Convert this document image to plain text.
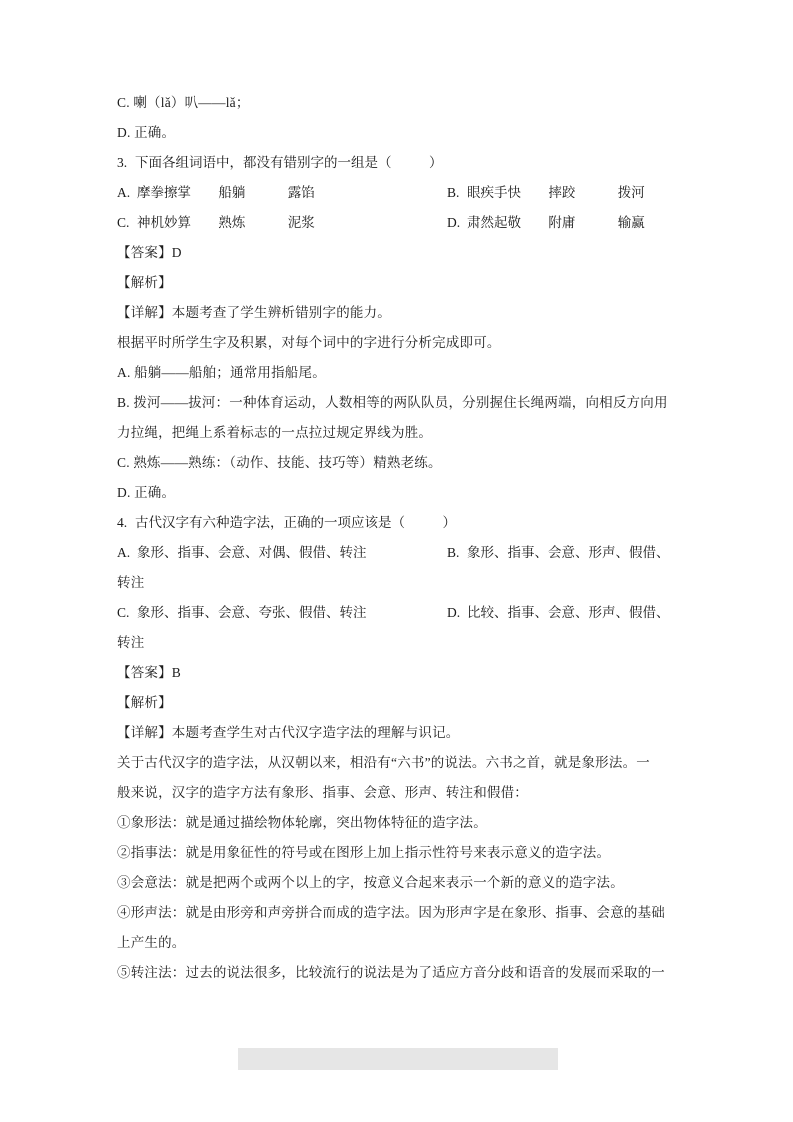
C. 喇（lǎ）叭——lǎ；
D. 正确。
3. 下面各组词语中，都没有错别字的一组是（
	）
A. 摩拳擦掌 船躺	露馅	B. 眼疾手快 摔跤	拨河
C. 神机妙算 熟炼	泥浆	D. 肃然起敬 附庸	输赢
【答案】D
【解析】
【详解】本题考查了学生辨析错别字的能力。
根据平时所学生字及积累，对每个词中的字进行分析完成即可。
A. 船躺——船舶；通常用指船尾。
B. 拨河——拔河：一种体育运动，人数相等的两队队员，分别握住长绳两端，向相反方向用
力拉绳，把绳上系着标志的一点拉过规定界线为胜。
C. 熟炼——熟练：（动作、技能、技巧等）精熟老练。
D. 正确。
4. 古代汉字有六种造字法，正确的一项应该是（
	）
A. 象形、指事、会意、对偶、假借、转注	B. 象形、指事、会意、形声、假借、
转注
C. 象形、指事、会意、夸张、假借、转注	D. 比较、指事、会意、形声、假借、
转注
【答案】B
【解析】
【详解】本题考查学生对古代汉字造字法的理解与识记。
关于古代汉字的造字法，从汉朝以来，相沿有“六书”的说法。六书之首，就是象形法。一
般来说，汉字的造字方法有象形、指事、会意、形声、转注和假借：
①象形法：就是通过描绘物体轮廓，突出物体特征的造字法。
②指事法：就是用象征性的符号或在图形上加上指示性符号来表示意义的造字法。
③会意法：就是把两个或两个以上的字，按意义合起来表示一个新的意义的造字法。
④形声法：就是由形旁和声旁拼合而成的造字法。因为形声字是在象形、指事、会意的基础
上产生的。
⑤转注法：过去的说法很多，比较流行的说法是为了适应方音分歧和语音的发展而采取的一
